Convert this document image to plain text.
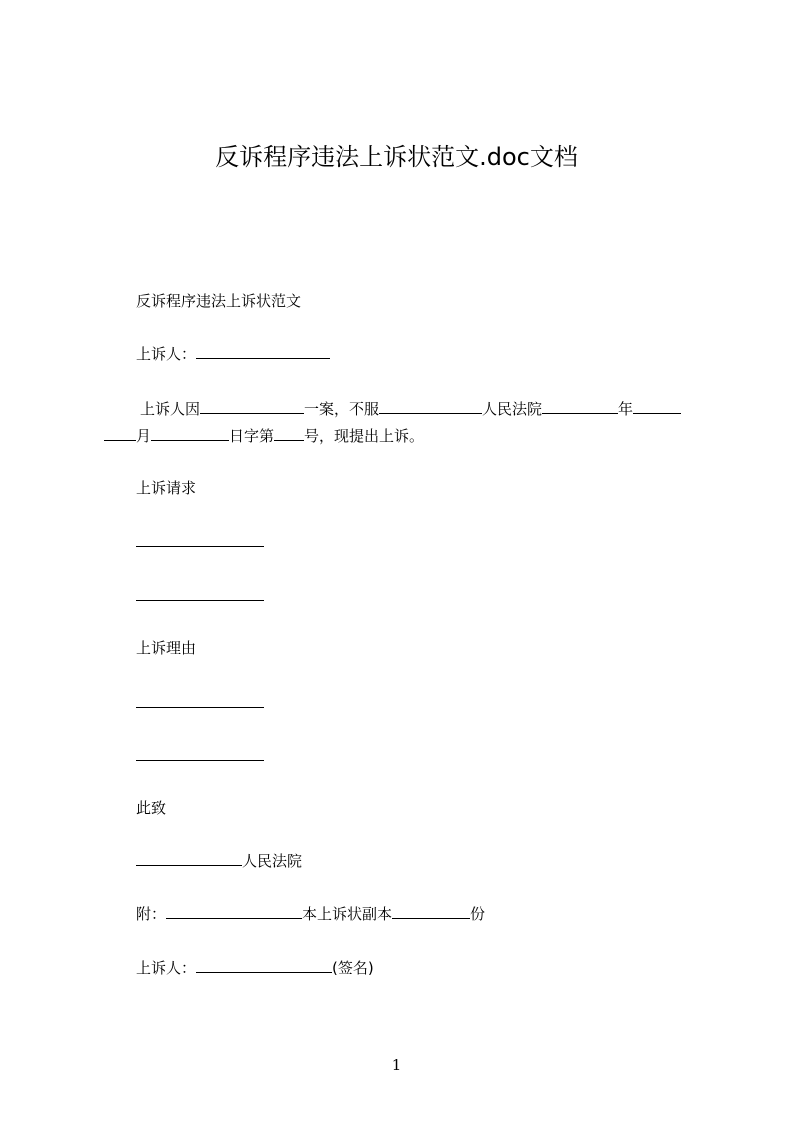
反诉程序违法上诉状范文.doc文档
反诉程序违法上诉状范文
上诉人：
上诉人因	一案，不服	人民法院	年
月	日字第 号，现提出上诉。
上诉请求
上诉理由
此致
人民法院
附：	本上诉状副本	份
上诉人：	(签名)
1
